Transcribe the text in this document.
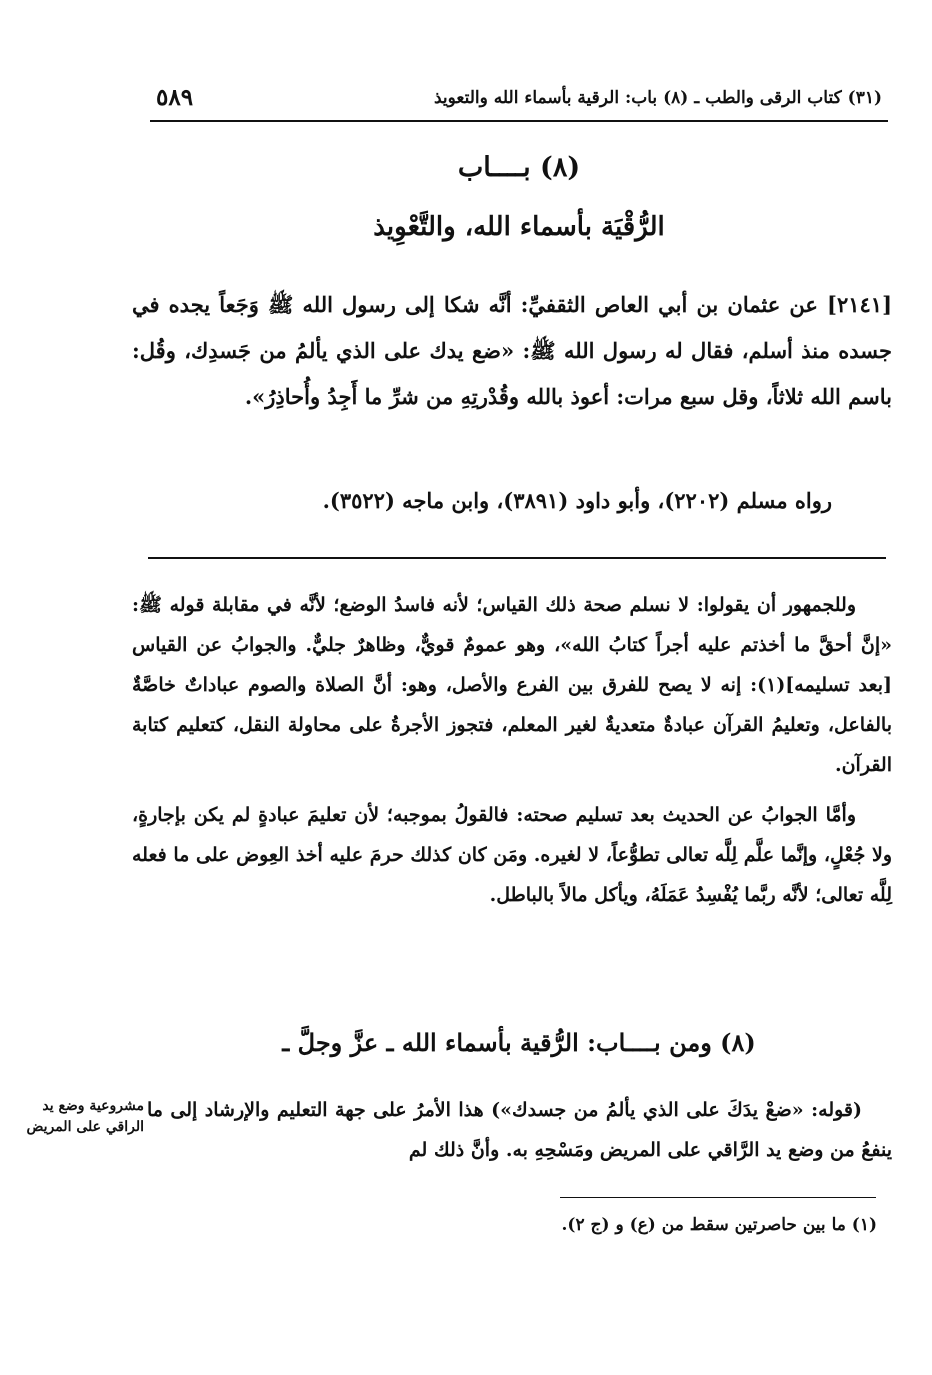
(٣١) كتاب الرقى والطب ـ (٨) باب: الرقية بأسماء الله والتعويذ
٥٨٩
(٨) بــــاب
الرُّقْيَة بأسماء الله، والتَّعْوِيذ
[٢١٤١] عن عثمان بن أبي العاص الثقفيِّ: أنَّه شكا إلى رسول الله ﷺ وَجَعاً يجده في جسده منذ أسلم، فقال له رسول الله ﷺ: «ضع يدك على الذي يألمُ من جَسدِك، وقُل: باسم الله ثلاثاً، وقل سبع مرات: أعوذ بالله وقُدْرتِهِ من شرِّ ما أَجِدُ وأُحاذِرُ».
رواه مسلم (٢٢٠٢)، وأبو داود (٣٨٩١)، وابن ماجه (٣٥٢٢).

وللجمهور أن يقولوا: لا نسلم صحة ذلك القياس؛ لأنه فاسدُ الوضع؛ لأنَّه في مقابلة قوله ﷺ: «إنَّ أحقَّ ما أخذتم عليه أجراً كتابُ الله»، وهو عمومٌ قويٌّ، وظاهرٌ جليٌّ. والجوابُ عن القياس [بعد تسليمه](١): إنه لا يصح للفرق بين الفرع والأصل، وهو: أنَّ الصلاة والصوم عباداتٌ خاصَّةٌ بالفاعل، وتعليمُ القرآن عبادةٌ متعديةٌ لغير المعلم، فتجوز الأجرةُ على محاولة النقل، كتعليم كتابة القرآن.

وأمَّا الجوابُ عن الحديث بعد تسليم صحته: فالقولُ بموجبه؛ لأن تعليمَ عبادةٍ لم يكن بإجارةٍ، ولا جُعْلٍ، وإنَّما علَّم لِلَّه تعالى تطوُّعاً، لا لغيره. ومَن كان كذلك حرمَ عليه أخذ العِوض على ما فعله لِلَّه تعالى؛ لأنَّه ربَّما يُفْسِدُ عَمَلَهُ، ويأكل مالاً بالباطل.

(٨) ومن بــــاب: الرُّقية بأسماء الله ـ عزَّ وجلَّ ـ

(قوله: «ضعْ يدَكَ على الذي يألمُ من جسدك») هذا الأمرُ على جهة التعليم والإرشاد إلى ما ينفعُ من وضع يد الرَّاقي على المريض ومَسْحِهِ به. وأنَّ ذلك لم

مشروعية وضع يد الراقي على المريض
(١) ما بين حاصرتين سقط من (ع) و (ج ٢).
